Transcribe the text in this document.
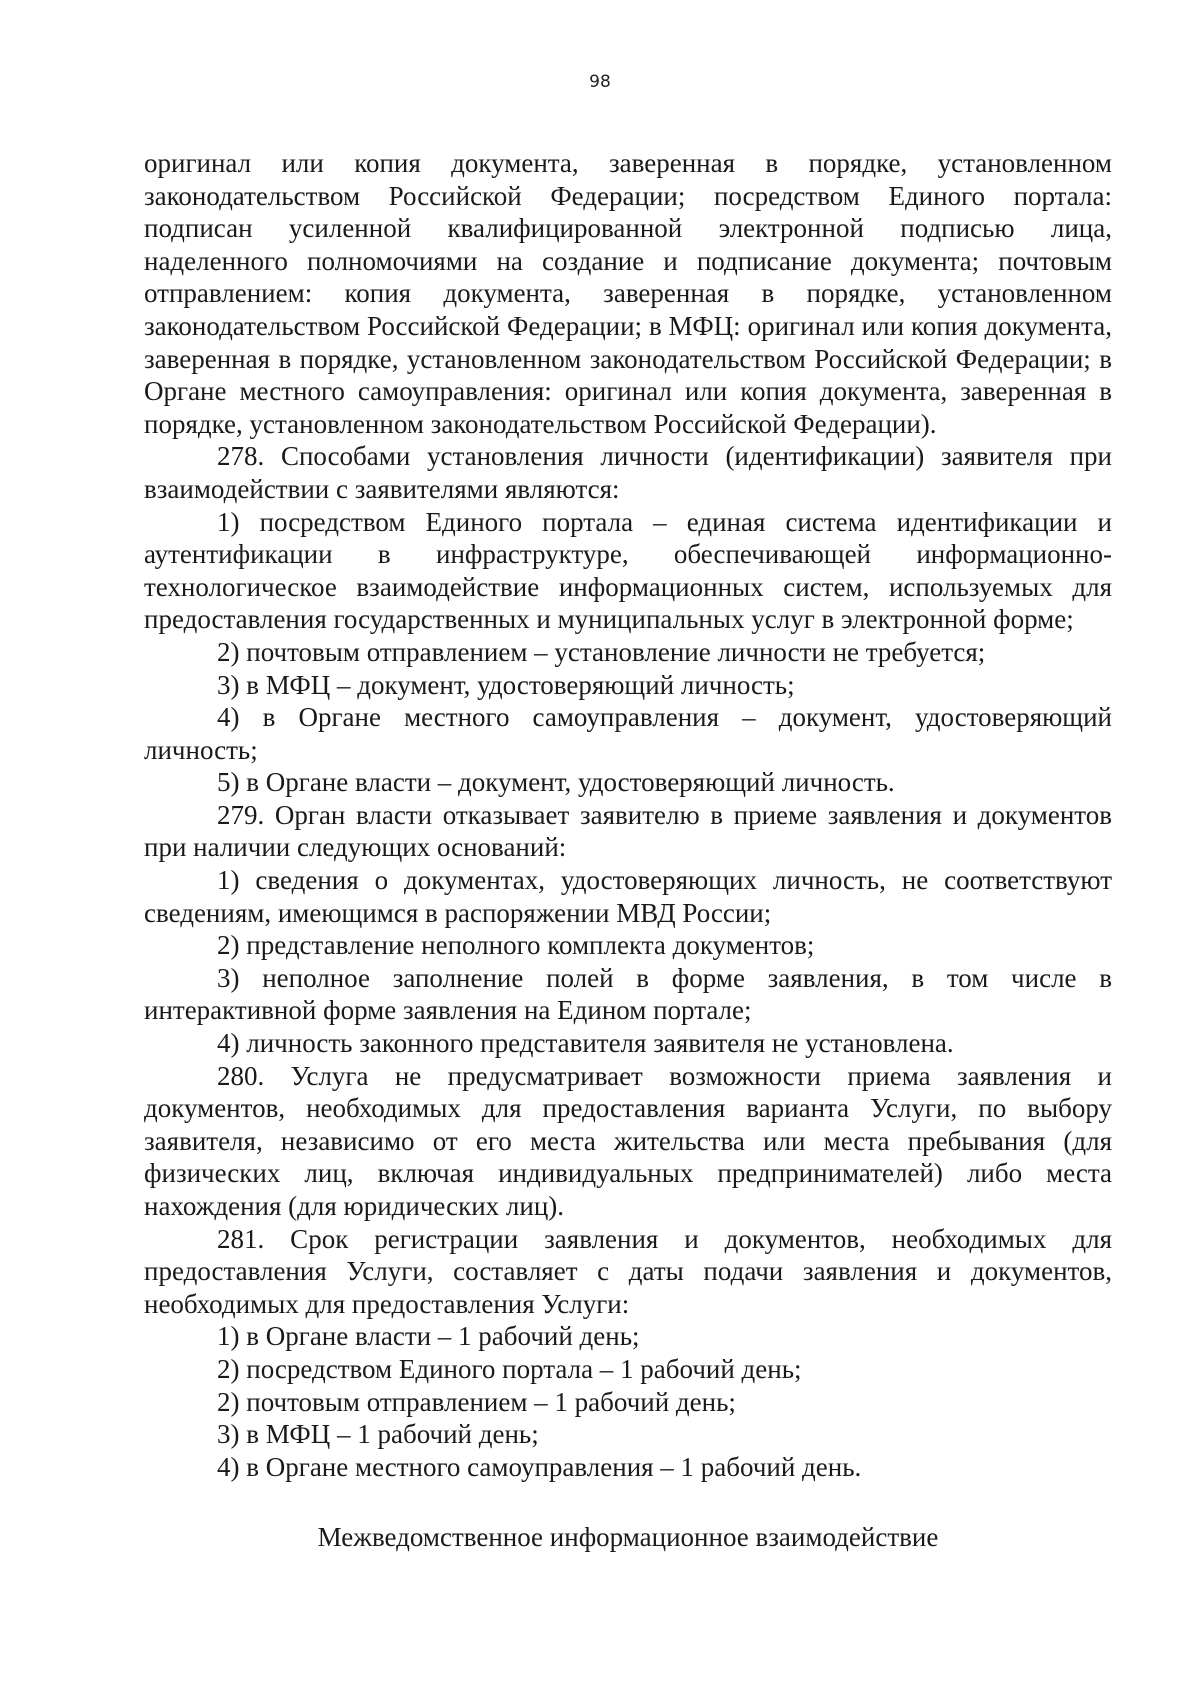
98

оригинал или копия документа, заверенная в порядке, установленном законодательством Российской Федерации; посредством Единого портала: подписан усиленной квалифицированной электронной подписью лица, наделенного полномочиями на создание и подписание документа; почтовым отправлением: копия документа, заверенная в порядке, установленном законодательством Российской Федерации; в МФЦ: оригинал или копия документа, заверенная в порядке, установленном законодательством Российской Федерации; в Органе местного самоуправления: оригинал или копия документа, заверенная в порядке, установленном законодательством Российской Федерации).

278. Способами установления личности (идентификации) заявителя при взаимодействии с заявителями являются:

1) посредством Единого портала – единая система идентификации и аутентификации в инфраструктуре, обеспечивающей информационно-технологическое взаимодействие информационных систем, используемых для предоставления государственных и муниципальных услуг в электронной форме;

2) почтовым отправлением – установление личности не требуется;

3) в МФЦ – документ, удостоверяющий личность;

4) в Органе местного самоуправления – документ, удостоверяющий личность;

5) в Органе власти – документ, удостоверяющий личность.

279. Орган власти отказывает заявителю в приеме заявления и документов при наличии следующих оснований:

1) сведения о документах, удостоверяющих личность, не соответствуют сведениям, имеющимся в распоряжении МВД России;

2) представление неполного комплекта документов;

3) неполное заполнение полей в форме заявления, в том числе в интерактивной форме заявления на Едином портале;

4) личность законного представителя заявителя не установлена.

280. Услуга не предусматривает возможности приема заявления и документов, необходимых для предоставления варианта Услуги, по выбору заявителя, независимо от его места жительства или места пребывания (для физических лиц, включая индивидуальных предпринимателей) либо места нахождения (для юридических лиц).

281. Срок регистрации заявления и документов, необходимых для предоставления Услуги, составляет с даты подачи заявления и документов, необходимых для предоставления Услуги:

1) в Органе власти – 1 рабочий день;

2) посредством Единого портала – 1 рабочий день;

2) почтовым отправлением – 1 рабочий день;

3) в МФЦ – 1 рабочий день;

4) в Органе местного самоуправления – 1 рабочий день.

Межведомственное информационное взаимодействие
